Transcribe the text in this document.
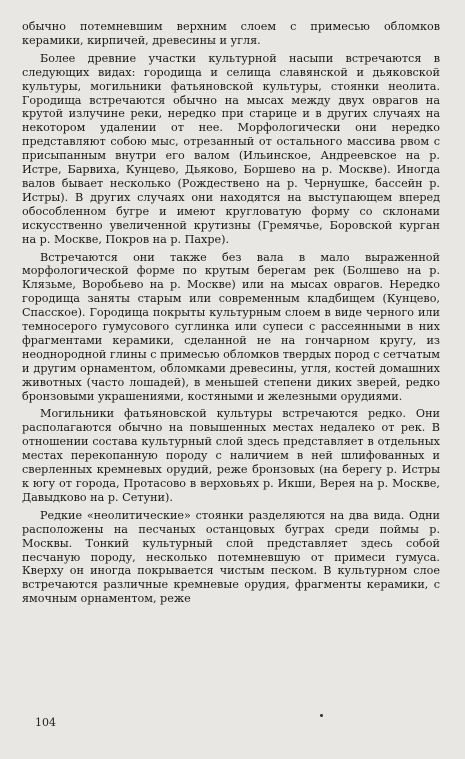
обычно потемневшим верхним слоем с примесью обломков керамики, кирпичей, древесины и угля.

Более древние участки культурной насыпи встречаются в следующих видах: городища и селища славянской и дьяковской культуры, могильники фатьяновской культуры, стоянки неолита. Городища встречаются обычно на мысах между двух оврагов на крутой излучине реки, нередко при старице и в других случаях на некотором удалении от нее. Морфологически они нередко представляют собою мыс, отрезанный от остального массива рвом с присыпанным внутри его валом (Ильинское, Андреевское на р. Истре, Барвиха, Кунцево, Дьяково, Боршево на р. Москве). Иногда валов бывает несколько (Рождествено на р. Чернушке, бассейн р. Истры). В других случаях они находятся на выступающем вперед обособленном бугре и имеют кругловатую форму со склонами искусственно увеличенной крутизны (Гремячье, Боровской курган на р. Москве, Покров на р. Пахре).

Встречаются они также без вала в мало выраженной морфологической форме по крутым берегам рек (Болшево на р. Клязьме, Воробьево на р. Москве) или на мысах оврагов. Нередко городища заняты старым или современным кладбищем (Кунцево, Спасское). Городища покрыты культурным слоем в виде черного или темносерого гумусового суглинка или супеси с рассеянными в них фрагментами керамики, сделанной не на гончарном кругу, из неоднородной глины с примесью обломков твердых пород с сетчатым и другим орнаментом, обломками древесины, угля, костей домашних животных (часто лошадей), в меньшей степени диких зверей, редко бронзовыми украшениями, костяными и железными орудиями.

Могильники фатьяновской культуры встречаются редко. Они располагаются обычно на повышенных местах недалеко от рек. В отношении состава культурный слой здесь представляет в отдельных местах перекопанную породу с наличием в ней шлифованных и сверленных кремневых орудий, реже бронзовых (на берегу р. Истры к югу от города, Протасово в верховьях р. Икши, Верея на р. Москве, Давыдково на р. Сетуни).

Редкие «неолитические» стоянки разделяются на два вида. Одни расположены на песчаных останцовых буграх среди поймы р. Москвы. Тонкий культурный слой представляет здесь собой песчаную породу, несколько потемневшую от примеси гумуса. Кверху он иногда покрывается чистым песком. В культурном слое встречаются различные кремневые орудия, фрагменты керамики, с ямочным орнаментом, реже

104
